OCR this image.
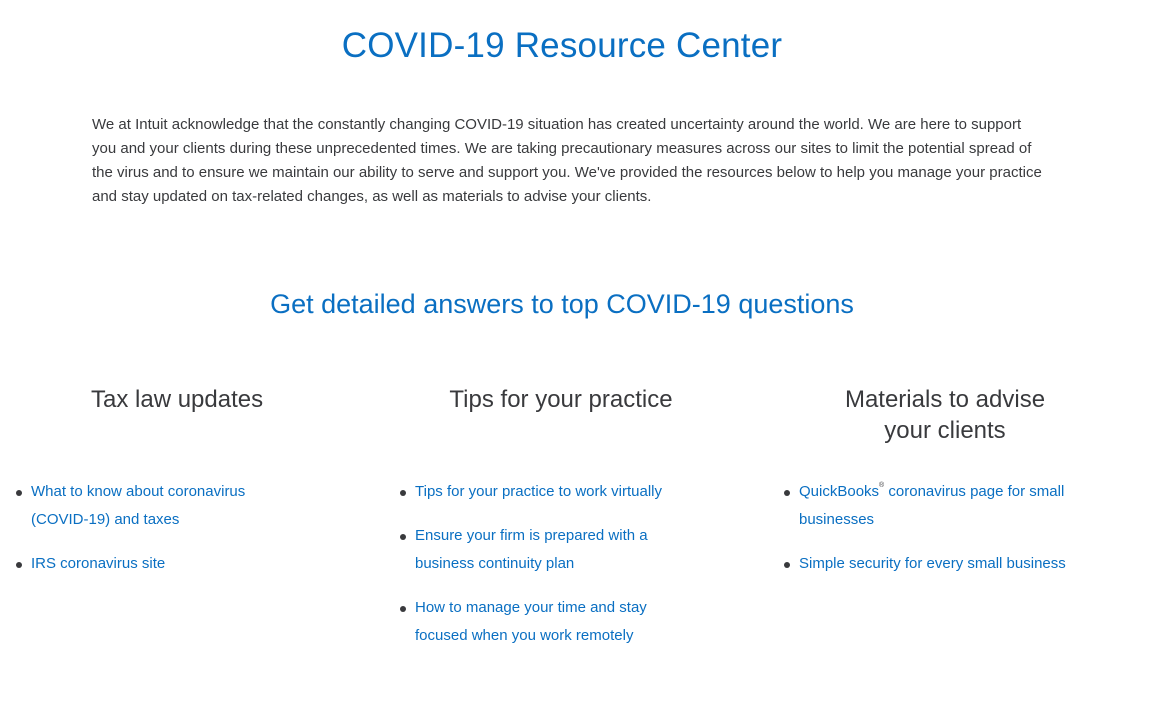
COVID-19 Resource Center

We at Intuit acknowledge that the constantly changing COVID-19 situation has created uncertainty around the world. We are here to support you and your clients during these unprecedented times. We are taking precautionary measures across our sites to limit the potential spread of the virus and to ensure we maintain our ability to serve and support you. We've provided the resources below to help you manage your practice and stay updated on tax-related changes, as well as materials to advise your clients.

Get detailed answers to top COVID-19 questions
Tax law updates
What to know about coronavirus (COVID-19) and taxes
IRS coronavirus site
Tips for your practice
Tips for your practice to work virtually
Ensure your firm is prepared with a business continuity plan
How to manage your time and stay focused when you work remotely
Materials to advise your clients
QuickBooks® coronavirus page for small businesses
Simple security for every small business
